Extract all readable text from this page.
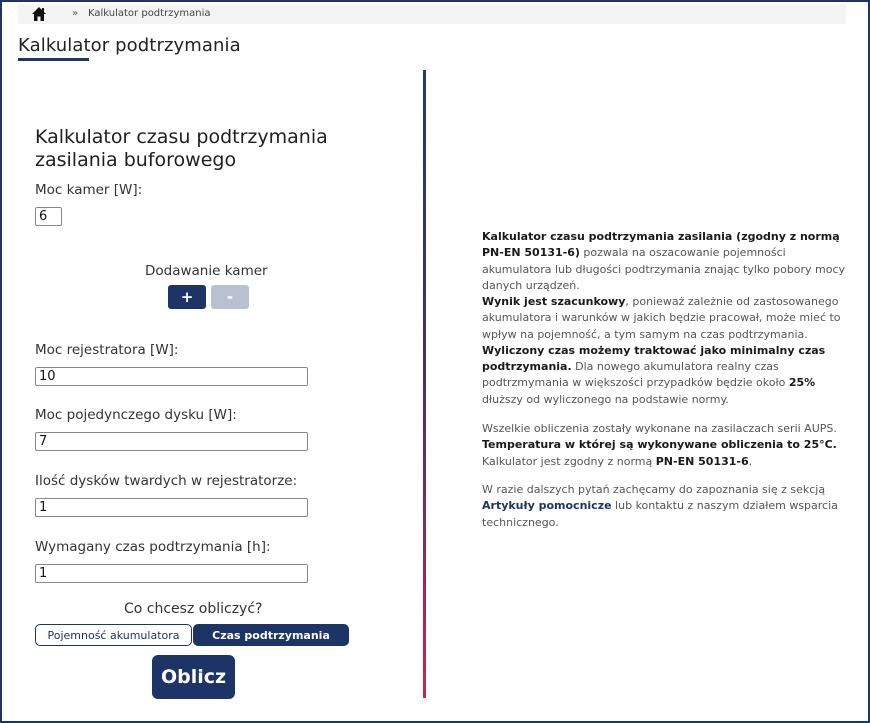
» Kalkulator podtrzymania
Kalkulator podtrzymania
Kalkulator czasu podtrzymania zasilania buforowego
Moc kamer [W]:
6
Dodawanie kamer
+	-
Moc rejestratora [W]:
10
Moc pojedynczego dysku [W]:
7
Ilość dysków twardych w rejestratorze:
1
Wymagany czas podtrzymania [h]:
1
Co chcesz obliczyć?
Pojemność akumulatora	Czas podtrzymania
Oblicz

Kalkulator czasu podtrzymania zasilania (zgodny z normą PN-EN 50131-6) pozwala na oszacowanie pojemności akumulatora lub długości podtrzymania znając tylko pobory mocy danych urządzeń.

Wynik jest szacunkowy, ponieważ zależnie od zastosowanego akumulatora i warunków w jakich będzie pracował, może mieć to wpływ na pojemność, a tym samym na czas podtrzymania. Wyliczony czas możemy traktować jako minimalny czas podtrzymania. Dla nowego akumulatora realny czas podtrzmymania w większości przypadków będzie około 25% dłuższy od wyliczonego na podstawie normy.

Wszelkie obliczenia zostały wykonane na zasilaczach serii AUPS.
Temperatura w której są wykonywane obliczenia to 25°C.
Kalkulator jest zgodny z normą PN-EN 50131-6.

W razie dalszych pytań zachęcamy do zapoznania się z sekcją Artykuły pomocnicze lub kontaktu z naszym działem wsparcia technicznego.
